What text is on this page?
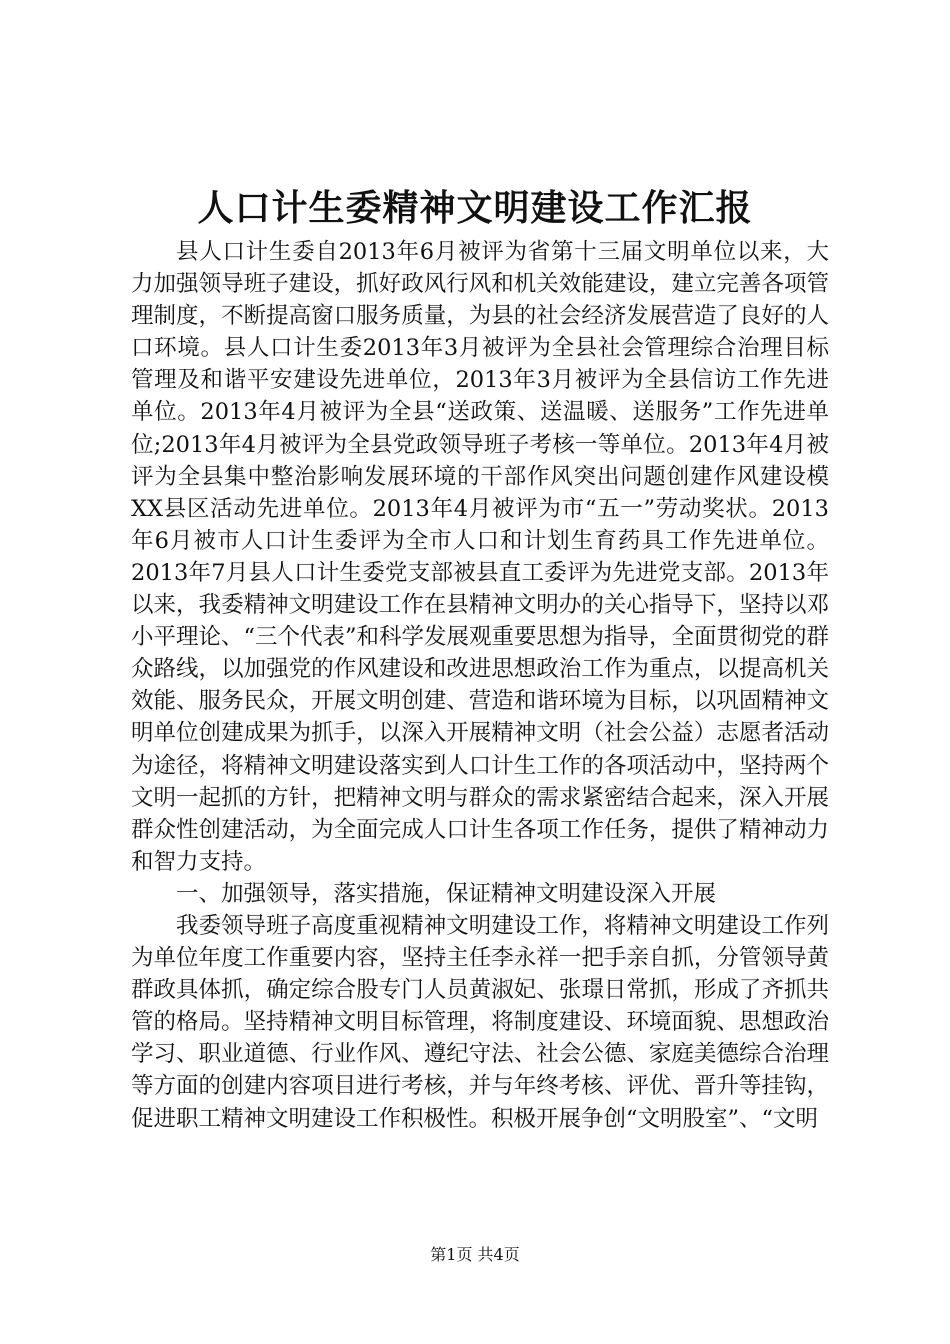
人口计生委精神文明建设工作汇报

县人口计生委自2013年6月被评为省第十三届文明单位以来，大力加强领导班子建设，抓好政风行风和机关效能建设，建立完善各项管理制度，不断提高窗口服务质量，为县的社会经济发展营造了良好的人口环境。县人口计生委2013年3月被评为全县社会管理综合治理目标管理及和谐平安建设先进单位，2013年3月被评为全县信访工作先进单位。2013年4月被评为全县“送政策、送温暖、送服务”工作先进单位;2013年4月被评为全县党政领导班子考核一等单位。2013年4月被评为全县集中整治影响发展环境的干部作风突出问题创建作风建设模XX县区活动先进单位。2013年4月被评为市“五一”劳动奖状。2013年6月被市人口计生委评为全市人口和计划生育药具工作先进单位。2013年7月县人口计生委党支部被县直工委评为先进党支部。2013年以来，我委精神文明建设工作在县精神文明办的关心指导下，坚持以邓小平理论、“三个代表”和科学发展观重要思想为指导，全面贯彻党的群众路线，以加强党的作风建设和改进思想政治工作为重点，以提高机关效能、服务民众，开展文明创建、营造和谐环境为目标，以巩固精神文明单位创建成果为抓手，以深入开展精神文明（社会公益）志愿者活动为途径，将精神文明建设落实到人口计生工作的各项活动中，坚持两个文明一起抓的方针，把精神文明与群众的需求紧密结合起来，深入开展群众性创建活动，为全面完成人口计生各项工作任务，提供了精神动力和智力支持。

一、加强领导，落实措施，保证精神文明建设深入开展

我委领导班子高度重视精神文明建设工作，将精神文明建设工作列为单位年度工作重要内容，坚持主任李永祥一把手亲自抓，分管领导黄群政具体抓，确定综合股专门人员黄淑妃、张璟日常抓，形成了齐抓共管的格局。坚持精神文明目标管理，将制度建设、环境面貌、思想政治学习、职业道德、行业作风、遵纪守法、社会公德、家庭美德综合治理等方面的创建内容项目进行考核，并与年终考核、评优、晋升等挂钩，促进职工精神文明建设工作积极性。积极开展争创“文明股室”、“文明

第1页 共4页
